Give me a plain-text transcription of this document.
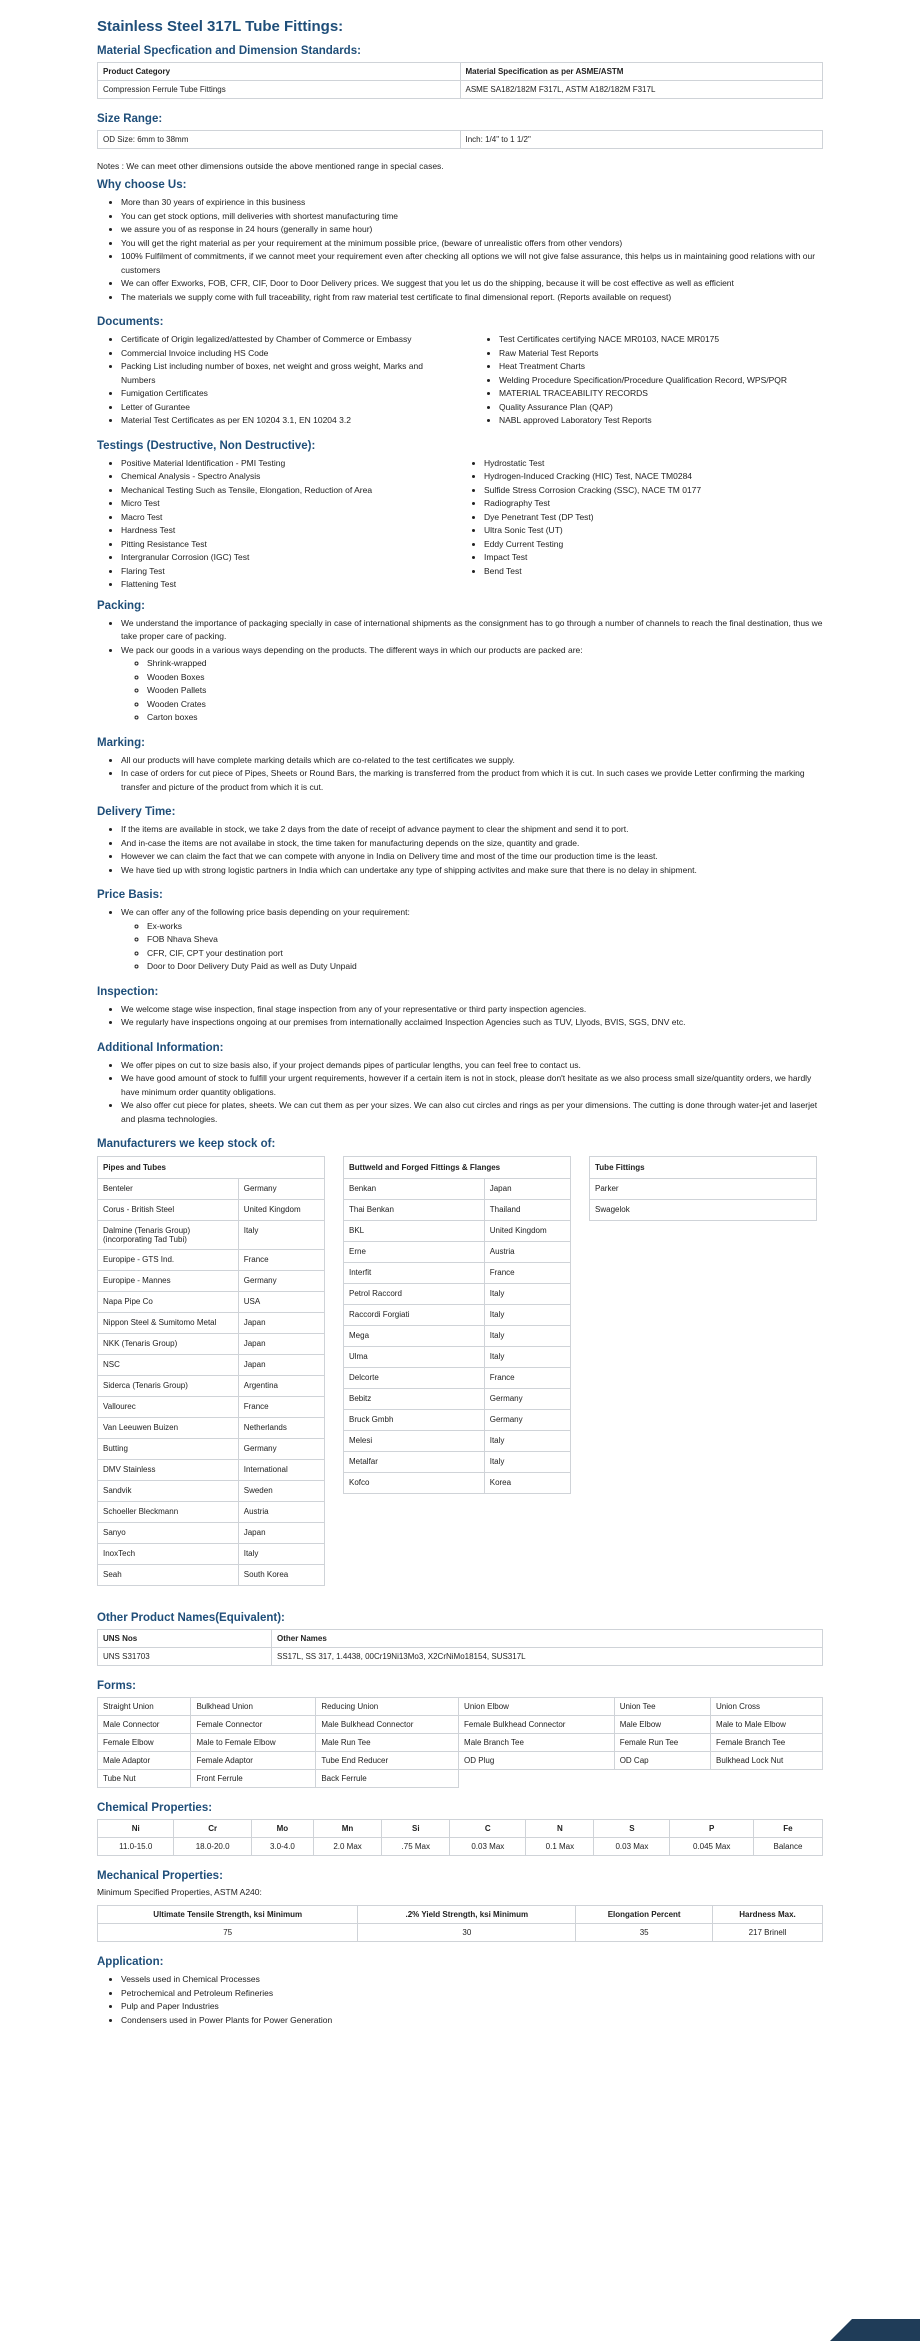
Stainless Steel 317L Tube Fittings:
Material Specfication and Dimension Standards:
Product Category	Material Specification as per ASME/ASTM
Compression Ferrule Tube Fittings	ASME SA182/182M F317L, ASTM A182/182M F317L
Size Range:
OD Size: 6mm to 38mm	Inch: 1/4" to 1 1/2"

Notes : We can meet other dimensions outside the above mentioned range in special cases.

Why choose Us:
• More than 30 years of expirience in this business
• You can get stock options, mill deliveries with shortest manufacturing time
• we assure you of as response in 24 hours (generally in same hour)
• You will get the right material as per your requirement at the minimum possible price, (beware of unrealistic offers from other vendors)
• 100% Fulfilment of commitments, if we cannot meet your requirement even after checking all options we will not give false assurance, this helps us in maintaining good relations with our customers
• We can offer Exworks, FOB, CFR, CIF, Door to Door Delivery prices. We suggest that you let us do the shipping, because it will be cost effective as well as efficient
• The materials we supply come with full traceability, right from raw material test certificate to final dimensional report. (Reports available on request)
Documents:
• Certificate of Origin legalized/attested by Chamber of Commerce or Embassy
• Commercial Invoice including HS Code
• Packing List including number of boxes, net weight and gross weight, Marks and Numbers
• Fumigation Certificates
• Letter of Gurantee
• Material Test Certificates as per EN 10204 3.1, EN 10204 3.2
• Test Certificates certifying NACE MR0103, NACE MR0175
• Raw Material Test Reports
• Heat Treatment Charts
• Welding Procedure Specification/Procedure Qualification Record, WPS/PQR
• MATERIAL TRACEABILITY RECORDS
• Quality Assurance Plan (QAP)
• NABL approved Laboratory Test Reports
Testings (Destructive, Non Destructive):
• Positive Material Identification - PMI Testing
• Chemical Analysis - Spectro Analysis
• Mechanical Testing Such as Tensile, Elongation, Reduction of Area
• Micro Test
• Macro Test
• Hardness Test
• Pitting Resistance Test
• Intergranular Corrosion (IGC) Test
• Flaring Test
• Flattening Test
• Hydrostatic Test
• Hydrogen-Induced Cracking (HIC) Test, NACE TM0284
• Sulfide Stress Corrosion Cracking (SSC), NACE TM 0177
• Radiography Test
• Dye Penetrant Test (DP Test)
• Ultra Sonic Test (UT)
• Eddy Current Testing
• Impact Test
• Bend Test
Packing:
• We understand the importance of packaging specially in case of international shipments as the consignment has to go through a number of channels to reach the final destination, thus we take proper care of packing.
• We pack our goods in a various ways depending on the products. The different ways in which our products are packed are:
◦ Shrink-wrapped
◦ Wooden Boxes
◦ Wooden Pallets
◦ Wooden Crates
◦ Carton boxes
Marking:
• All our products will have complete marking details which are co-related to the test certificates we supply.
• In case of orders for cut piece of Pipes, Sheets or Round Bars, the marking is transferred from the product from which it is cut. In such cases we provide Letter confirming the marking transfer and picture of the product from which it is cut.
Delivery Time:
• If the items are available in stock, we take 2 days from the date of receipt of advance payment to clear the shipment and send it to port.
• And in-case the items are not availabe in stock, the time taken for manufacturing depends on the size, quantity and grade.
• However we can claim the fact that we can compete with anyone in India on Delivery time and most of the time our production time is the least.
• We have tied up with strong logistic partners in India which can undertake any type of shipping activites and make sure that there is no delay in shipment.
Price Basis:
• We can offer any of the following price basis depending on your requirement:
◦ Ex-works
◦ FOB Nhava Sheva
◦ CFR, CIF, CPT your destination port
◦ Door to Door Delivery Duty Paid as well as Duty Unpaid
Inspection:
• We welcome stage wise inspection, final stage inspection from any of your representative or third party inspection agencies.
• We regularly have inspections ongoing at our premises from internationally acclaimed Inspection Agencies such as TUV, Llyods, BVIS, SGS, DNV etc.
Additional Information:
• We offer pipes on cut to size basis also, if your project demands pipes of particular lengths, you can feel free to contact us.
• We have good amount of stock to fulfill your urgent requirements, however if a certain item is not in stock, please don't hesitate as we also process small size/quantity orders, we hardly have minimum order quantity obligations.
• We also offer cut piece for plates, sheets. We can cut them as per your sizes. We can also cut circles and rings as per your dimensions. The cutting is done through water-jet and laserjet and plasma technologies.
Manufacturers we keep stock of:
Pipes and Tubes	
Benteler	Germany
Corus - British Steel	United Kingdom
Dalmine (Tenaris Group) (incorporating Tad Tubi)	Italy
Europipe - GTS Ind.	France
Europipe - Mannes	Germany
Napa Pipe Co	USA
Nippon Steel & Sumitomo Metal	Japan
NKK (Tenaris Group)	Japan
NSC	Japan
Siderca (Tenaris Group)	Argentina
Vallourec	France
Van Leeuwen Buizen	Netherlands
Butting	Germany
DMV Stainless	International
Sandvik	Sweden
Schoeller Bleckmann	Austria
Sanyo	Japan
InoxTech	Italy
Seah	South Korea
Buttweld and Forged Fittings & Flanges	
Benkan	Japan
Thai Benkan	Thailand
BKL	United Kingdom
Erne	Austria
Interfit	France
Petrol Raccord	Italy
Raccordi Forgiati	Italy
Mega	Italy
Ulma	Italy
Delcorte	France
Bebitz	Germany
Bruck Gmbh	Germany
Melesi	Italy
Metalfar	Italy
Kofco	Korea
Tube Fittings
Parker
Swagelok
Other Product Names(Equivalent):
UNS Nos	Other Names
UNS S31703	SS17L, SS 317, 1.4438, 00Cr19Ni13Mo3, X2CrNiMo18154, SUS317L
Forms:
Straight Union	Bulkhead Union	Reducing Union	Union Elbow	Union Tee	Union Cross
Male Connector	Female Connector	Male Bulkhead Connector	Female Bulkhead Connector	Male Elbow	Male to Male Elbow
Female Elbow	Male to Female Elbow	Male Run Tee	Male Branch Tee	Female Run Tee	Female Branch Tee
Male Adaptor	Female Adaptor	Tube End Reducer	OD Plug	OD Cap	Bulkhead Lock Nut
Tube Nut	Front Ferrule	Back Ferrule			
Chemical Properties:
Ni	Cr	Mo	Mn	Si	C	N	S	P	Fe
11.0-15.0	18.0-20.0	3.0-4.0	2.0 Max	.75 Max	0.03 Max	0.1 Max	0.03 Max	0.045 Max	Balance
Mechanical Properties:

Minimum Specified Properties, ASTM A240:

Ultimate Tensile Strength, ksi Minimum	.2% Yield Strength, ksi Minimum	Elongation Percent	Hardness Max.
75	30	35	217 Brinell
Application:
• Vessels used in Chemical Processes
• Petrochemical and Petroleum Refineries
• Pulp and Paper Industries
• Condensers used in Power Plants for Power Generation
